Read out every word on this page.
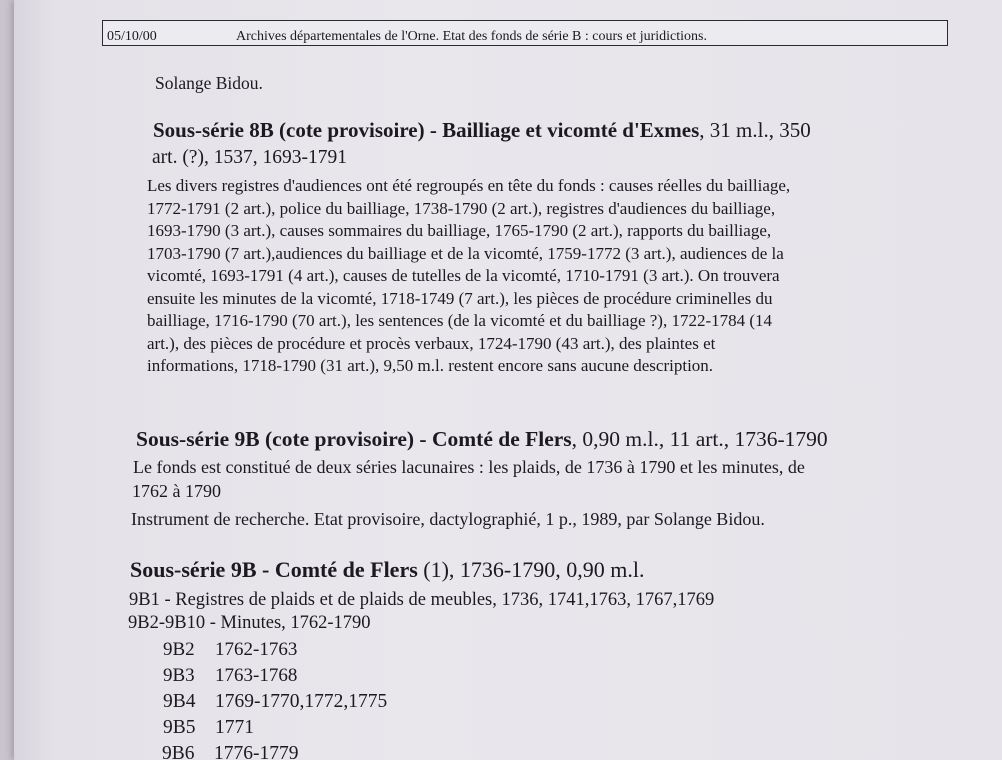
05/10/00	Archives départementales de l'Orne. Etat des fonds de série B : cours et juridictions.
Solange Bidou.
Sous-série 8B (cote provisoire) - Bailliage et vicomté d'Exmes, 31 m.l., 350
art. (?), 1537, 1693-1791
Les divers registres d'audiences ont été regroupés en tête du fonds : causes réelles du bailliage,
1772-1791 (2 art.), police du bailliage, 1738-1790 (2 art.), registres d'audiences du bailliage,
1693-1790 (3 art.), causes sommaires du bailliage, 1765-1790 (2 art.), rapports du bailliage,
1703-1790 (7 art.),audiences du bailliage et de la vicomté, 1759-1772 (3 art.), audiences de la
vicomté, 1693-1791 (4 art.), causes de tutelles de la vicomté, 1710-1791 (3 art.). On trouvera
ensuite les minutes de la vicomté, 1718-1749 (7 art.), les pièces de procédure criminelles du
bailliage, 1716-1790 (70 art.), les sentences (de la vicomté et du bailliage ?), 1722-1784 (14
art.), des pièces de procédure et procès verbaux, 1724-1790 (43 art.), des plaintes et
informations, 1718-1790 (31 art.), 9,50 m.l. restent encore sans aucune description.
Sous-série 9B (cote provisoire) - Comté de Flers, 0,90 m.l., 11 art., 1736-1790
Le fonds est constitué de deux séries lacunaires : les plaids, de 1736 à 1790 et les minutes, de
1762 à 1790
Instrument de recherche. Etat provisoire, dactylographié, 1 p., 1989, par Solange Bidou.
Sous-série 9B - Comté de Flers (1), 1736-1790, 0,90 m.l.
9B1 - Registres de plaids et de plaids de meubles, 1736, 1741,1763, 1767,1769
9B2-9B10 - Minutes, 1762-1790
9B2 1762-1763
9B3 1763-1768
9B4 1769-1770,1772,1775
9B5 1771
9B6 1776-1779
